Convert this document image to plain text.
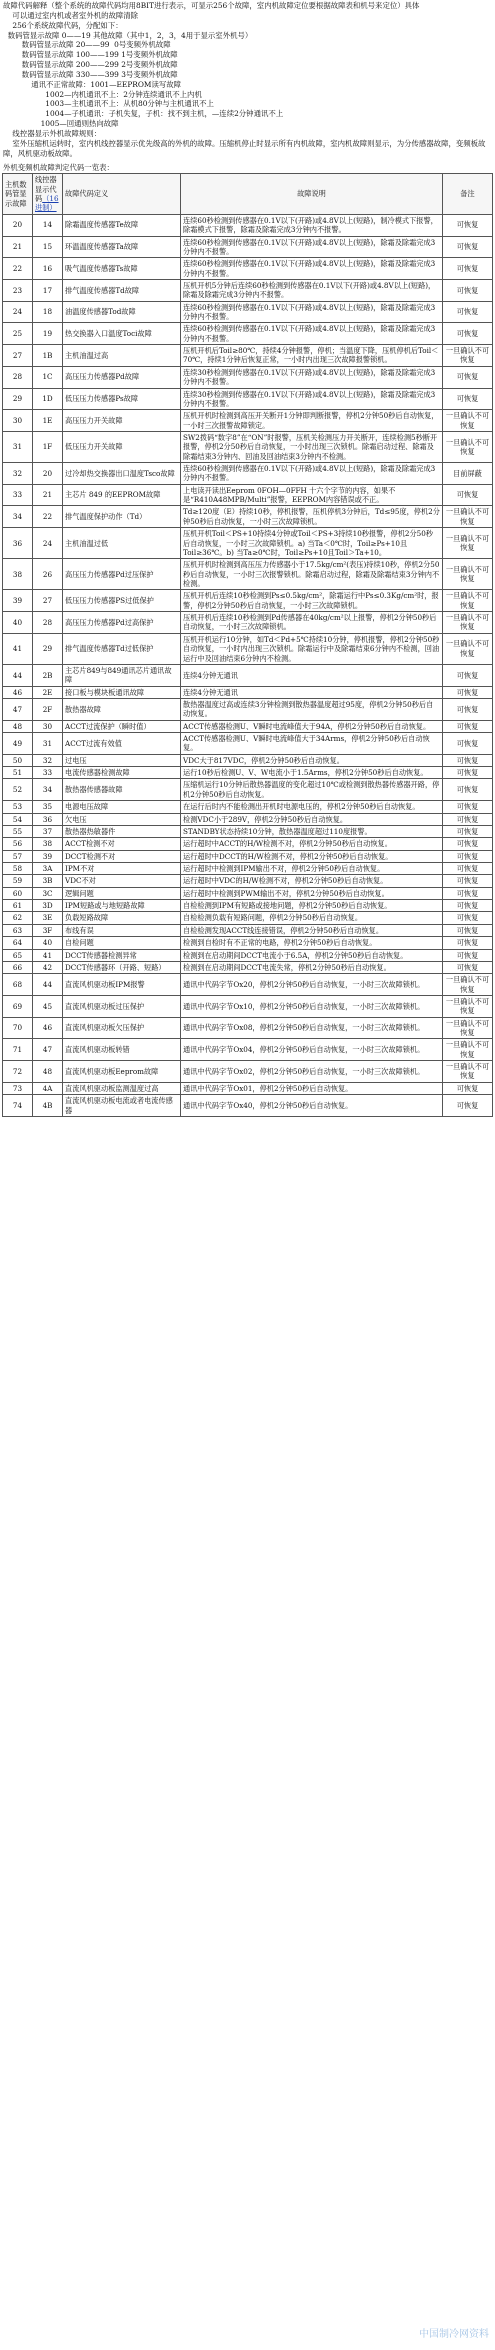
故障代码解释（整个系统的故障代码均用8BIT进行表示，可显示256个故障，室内机故障定位要根据故障表和机号来定位）具体

可以通过室内机或者室外机的故障清除

256个系统故障代码，分配如下：

数码管显示故障 0——19 其他故障（其中1，2，3，4用于显示室外机号）

数码管显示故障 20——99  0号变频外机故障

数码管显示故障 100——199 1号变频外机故障

数码管显示故障 200——299 2号变频外机故障

数码管显示故障 330——399 3号变频外机故障

通讯不正常故障：1001—EEPROM读写故障

1002—内机通讯不上：2分钟连续通讯不上内机

1003—主机通讯不上：从机80分钟与主机通讯不上

1004—子机通讯：子机失复，子机：找不到主机，—连续2分钟通讯不上

1005—回通则热向故障

线控器显示外机故障规则：

室外压缩机运转时，室内机线控器显示优先级高的外机的故障。压缩机停止时显示所有内机故障，室内机故障则显示，为分传感器故障，变频板故障，风机驱动板故障。

外机变频机故障判定代码一览表：
主机数码管显示故障	线控器显示代码（16进制）	故障代码定义	故障说明	备注
20	14	除霜温度传感器Te故障	连续60秒检测到传感器在0.1V以下(开路)或4.8V以上(短路)，制冷模式下报警，除霜模式下报警，除霜及除霜完成3分钟内不报警。	可恢复
21	15	环温温度传感器Ta故障	连续60秒检测到传感器在0.1V以下(开路)或4.8V以上(短路)，除霜及除霜完成3分钟内不报警。	可恢复
22	16	吸气温度传感器Ts故障	连续60秒检测到传感器在0.1V以下(开路)或4.8V以上(短路)，除霜及除霜完成3分钟内不报警。	可恢复
23	17	排气温度传感器Td故障	压机开机5分钟后连续60秒检测到传感器在0.1V以下(开路)或4.8V以上(短路)，除霜及除霜完成3分钟内不报警。	可恢复
24	18	油温度传感器Tod故障	连续60秒检测到传感器在0.1V以下(开路)或4.8V以上(短路)，除霜及除霜完成3分钟内不报警。	可恢复
25	19	热交换器入口温度Toci故障	连续60秒检测到传感器在0.1V以下(开路)或4.8V以上(短路)，除霜及除霜完成3分钟内不报警。	可恢复
27	1B	主机油温过高	压机开机后Toil≥80℃，持续4分钟报警，停机；当温度下降，压机停机后Toil＜70℃，持续1分钟后恢复正常，一小时内出现三次故障报警锁机。	一旦确认不可恢复
28	1C	高压压力传感器Pd故障	连续30秒检测到传感器在0.1V以下(开路)或4.8V以上(短路)，除霜及除霜完成3分钟内不报警。	可恢复
29	1D	低压压力传感器Ps故障	连续30秒检测到传感器在0.1V以下(开路)或4.8V以上(短路)，除霜及除霜完成3分钟内不报警。	可恢复
30	1E	高压压力开关故障	压机开机时检测到高压开关断开1分钟即判断报警，停机2分钟50秒后自动恢复，一小时三次报警故障锁定。	一旦确认不可恢复
31	1F	低压压力开关故障	SW2拨码“数字8”在“ON”时报警，压机关检测压力开关断开，连续检测5秒断开报警，停机2分50秒后自动恢复，一小时出现三次锁机。除霜启动过程、除霜及除霜结束3分钟内、回油及回油结束3分钟内不检测。	一旦确认不可恢复
32	20	过冷却热交换器出口温度Tsco故障	连续60秒检测到传感器在0.1V以下(开路)或4.8V以上(短路)，除霜及除霜完成3分钟内不报警。	目前屏蔽
33	21	主芯片 849 的EEPROM故障	上电读开读出Eeprom 0FOH—0FFH 十六个字节的内容，如果不是“R410A48MPB/Multi”报警，EEPROM内容错误或不正。	可恢复
34	22	排气温度保护动作（Td）	Td≥120度（E）持续10秒，停机报警，压机停机3分钟后，Td≤95度，停机2分钟50秒后自动恢复，一小时三次故障锁机。	一旦确认不可恢复
36	24	主机油温过低	压机开机Toil＜PS+10持续4分钟或Toil＜PS+3持续10秒报警，停机2分50秒后自动恢复，一小时三次故障锁机。a) 当Ta＜0℃时，Toil≥Ps+10且Toil≥36℃。b) 当Ta≥0℃时，Toil≥Ps+10且Toil＞Ta+10。	一旦确认不可恢复
38	26	高压压力传感器Pd过压保护	压机开机时检测到高压压力传感器小于17.5kg/cm²(表压)持续10秒，停机2分50秒后自动恢复，一小时三次报警锁机。除霜启动过程，除霜及除霜结束3分钟内不检测。	一旦确认不可恢复
39	27	低压压力传感器PS过低保护	压机开机后连续10秒检测到Ps≤0.5kg/cm²，除霜运行中Ps≤0.3Kg/cm²时，报警，停机2分钟50秒后自动恢复，一小时三次故障锁机。	一旦确认不可恢复
40	28	高压压力传感器Pd过高保护	压机开机后连续10秒检测到Pd传感器在40kg/cm²以上报警，停机2分钟50秒后自动恢复，一小时三次故障锁机。	一旦确认不可恢复
41	29	排气温度传感器Td过低保护	压机开机运行10分钟，如Td＜Pd+5℃持续10分钟，停机报警，停机2分钟50秒自动恢复，一小时内出现三次锁机。除霜运行中及除霜结束6分钟内不检测，回油运行中及回油结束6分钟内不检测。	一旦确认不可恢复
44	2B	主芯片849与849通讯芯片通讯故障	连续4分钟无通讯	可恢复
46	2E	接口板与模块板通讯故障	连续4分钟无通讯	可恢复
47	2F	散热器故障	散热器温度过高或连续3分钟检测到散热器温度超过95度，停机2分钟50秒后自动恢复。	可恢复
48	30	ACCT过流保护（瞬时值）	ACCT传感器检测U、V瞬时电流峰值大于94A，停机2分钟50秒后自动恢复。	可恢复
49	31	ACCT过流有效值	ACCT传感器检测U、V瞬时电流峰值大于34Arms，停机2分钟50秒后自动恢复。	可恢复
50	32	过电压	VDC大于817VDC，停机2分钟50秒后自动恢复。	可恢复
51	33	电流传感器检测故障	运行10秒后检测U、V、W电流小于1.5Arms，停机2分钟50秒后自动恢复。	可恢复
52	34	散热器传感器故障	压缩机运行10分钟后散热器温度的变化超过10℃或检测到散热器传感器开路，停机2分钟50秒后自动恢复。	可恢复
53	35	电源电压故障	在运行后时内不能检测出开机时电源电压的，停机2分钟50秒后自动恢复。	可恢复
54	36	欠电压	检测VDC小于289V，停机2分钟50秒后自动恢复。	可恢复
55	37	散热器热敏器件	STANDBY状态持续10分钟，散热器温度超过110度报警。	可恢复
56	38	ACCT检测不对	运行超时中ACCT的H/W检测不对，停机2分钟50秒后自动恢复。	可恢复
57	39	DCCT检测不对	运行超时中DCCT的H/W检测不对，停机2分钟50秒后自动恢复。	可恢复
58	3A	IPM不对	运行超时中检测到IPM输出不对，停机2分钟50秒后自动恢复。	可恢复
59	3B	VDC不对	运行超时中VDC的H/W检测不对，停机2分钟50秒后自动恢复。	可恢复
60	3C	逻辑问题	运行超时中检测到PWM输出不对，停机2分钟50秒后自动恢复。	可恢复
61	3D	IPM短路或与地短路故障	自检检测到IPM有短路或接地问题，停机2分钟50秒后自动恢复。	可恢复
62	3E	负载短路故障	自检检测负载有短路问题，停机2分钟50秒后自动恢复。	可恢复
63	3F	布线有误	自检检测发现ACCT线连接错误，停机2分钟50秒后自动恢复。	可恢复
64	40	自检问题	检测到自检时有不正常的电路，停机2分钟50秒后自动恢复。	可恢复
65	41	DCCT传感器检测异常	检测到在启动期间DCCT电流小于6.5A，停机2分钟50秒后自动恢复。	可恢复
66	42	DCCT传感器环（开路、短路）	检测到在启动期间DCCT电流失常，停机2分钟50秒后自动恢复。	可恢复
68	44	直流风机驱动板IPM报警	通讯中代码字节Ox20，停机2分钟50秒后自动恢复，一小时三次故障锁机。	一旦确认不可恢复
69	45	直流风机驱动板过压保护	通讯中代码字节Ox10，停机2分钟50秒后自动恢复，一小时三次故障锁机。	一旦确认不可恢复
70	46	直流风机驱动板欠压保护	通讯中代码字节Ox08，停机2分钟50秒后自动恢复，一小时三次故障锁机。	一旦确认不可恢复
71	47	直流风机驱动板转错	通讯中代码字节Ox04，停机2分钟50秒后自动恢复，一小时三次故障锁机。	一旦确认不可恢复
72	48	直流风机驱动板Eeprom故障	通讯中代码字节Ox02，停机2分钟50秒后自动恢复，一小时三次故障锁机。	一旦确认不可恢复
73	4A	直流风机驱动板监测温度过高	通讯中代码字节Ox01，停机2分钟50秒后自动恢复。	可恢复
74	4B	直流风机驱动板电流或者电流传感器	通讯中代码字节Ox40，停机2分钟50秒后自动恢复。	可恢复
中国制冷网资料
